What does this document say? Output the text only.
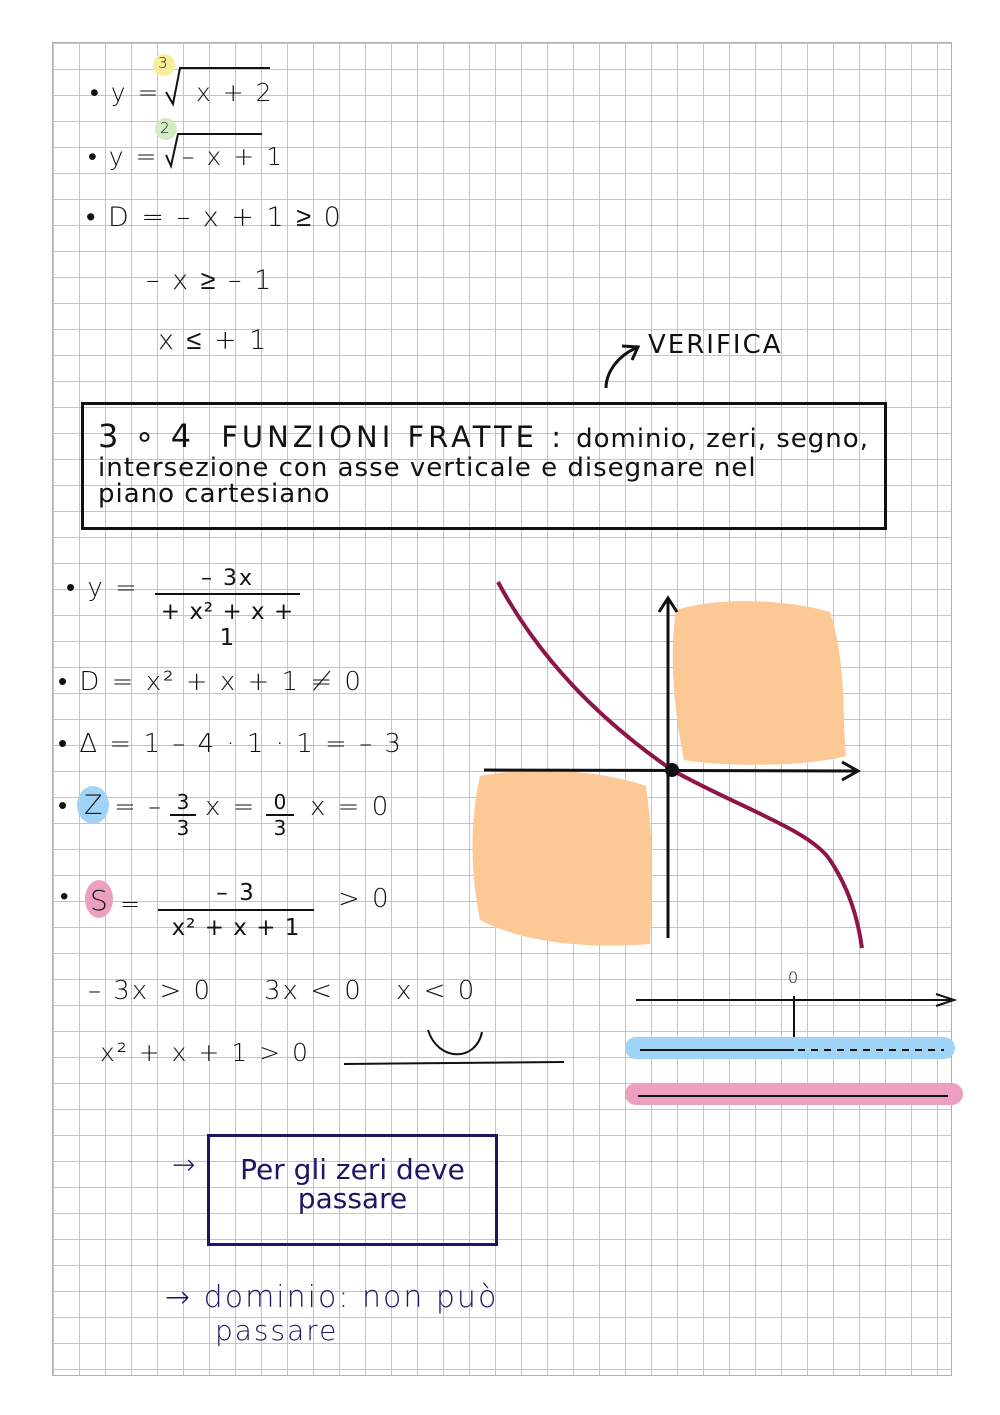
• y =
3
x + 2
• y =
2
– x + 1
• D = – x + 1 ≥ 0
– x ≥ – 1
x ≤ + 1	VERIFICA
3 ∘ 4 FUNZIONI FRATTE : dominio, zeri, segno,
intersezione con asse verticale e disegnare nel
piano cartesiano
• y =	– 3x
+ x² + x + 1
• D = x² + x + 1 ≠ 0
• Δ = 1 – 4 · 1 · 1 = – 3
• Z = – 3
3
x = 0
3
x = 0
• S =	– 3
x² + x + 1
> 0
– 3x > 0 3x < 0 x < 0
x² + x + 1 > 0
0
Per gli zeri deve
passare
→
→ dominio: non può
passare
